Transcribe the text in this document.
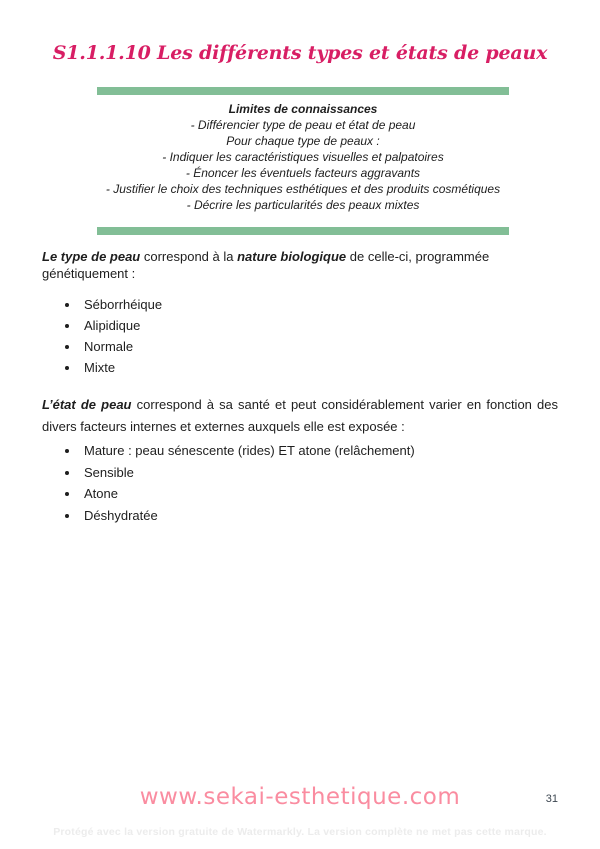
S1.1.1.10 Les différents types et états de peaux
Limites de connaissances
- Différencier type de peau et état de peau
Pour chaque type de peaux :
- Indiquer les caractéristiques visuelles et palpatoires
- Énoncer les éventuels facteurs aggravants
- Justifier le choix des techniques esthétiques et des produits cosmétiques
- Décrire les particularités des peaux mixtes

Le type de peau correspond à la nature biologique de celle-ci, programmée génétiquement :

• Séborrhéique
• Alipidique
• Normale
• Mixte

L’état de peau correspond à sa santé et peut considérablement varier en fonction des divers facteurs internes et externes auxquels elle est exposée :

• Mature : peau sénescente (rides) ET atone (relâchement)
• Sensible
• Atone
• Déshydratée
www.sekai-esthetique.com	31
Protégé avec la version gratuite de Watermarkly. La version complète ne met pas cette marque.
